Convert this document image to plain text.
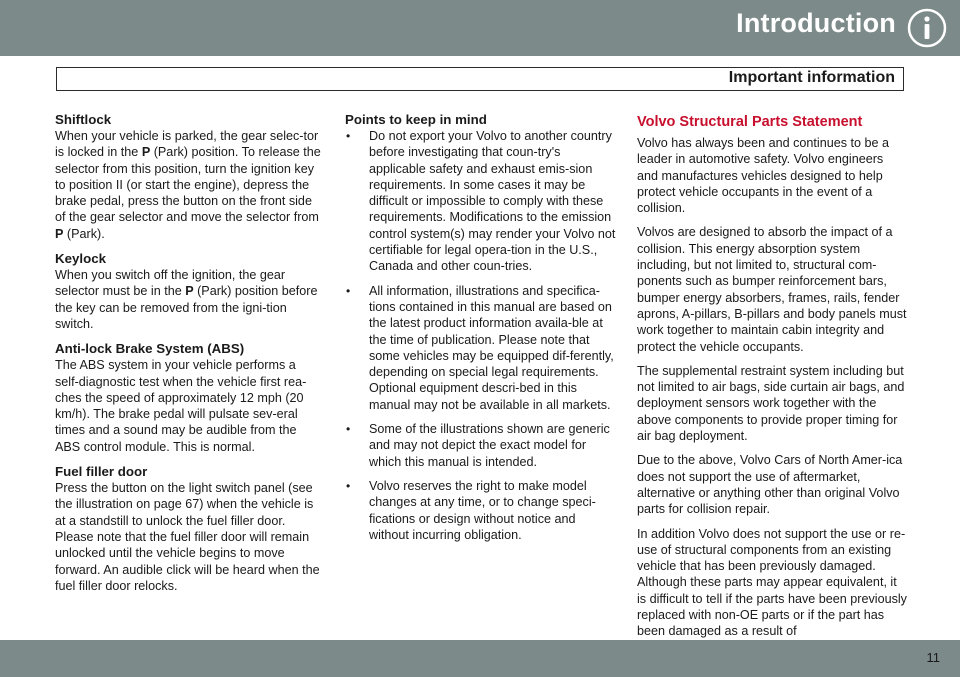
Introduction
Important information
Shiftlock

When your vehicle is parked, the gear selec-tor is locked in the P (Park) position. To release the selector from this position, turn the ignition key to position II (or start the engine), depress the brake pedal, press the button on the front side of the gear selector and move the selector from P (Park).

Keylock

When you switch off the ignition, the gear selector must be in the P (Park) position before the key can be removed from the igni-tion switch.

Anti-lock Brake System (ABS)

The ABS system in your vehicle performs a self-diagnostic test when the vehicle first rea-ches the speed of approximately 12 mph (20 km/h). The brake pedal will pulsate sev-eral times and a sound may be audible from the ABS control module. This is normal.

Fuel filler door

Press the button on the light switch panel (see the illustration on page 67) when the vehicle is at a standstill to unlock the fuel filler door. Please note that the fuel filler door will remain unlocked until the vehicle begins to move forward. An audible click will be heard when the fuel filler door relocks.

Points to keep in mind
• Do not export your Volvo to another country before investigating that coun-try's applicable safety and exhaust emis-sion requirements. In some cases it may be difficult or impossible to comply with these requirements. Modifications to the emission control system(s) may render your Volvo not certifiable for legal opera-tion in the U.S., Canada and other coun-tries.
• All information, illustrations and specifica-tions contained in this manual are based on the latest product information availa-ble at the time of publication. Please note that some vehicles may be equipped dif-ferently, depending on special legal requirements. Optional equipment descri-bed in this manual may not be available in all markets.
• Some of the illustrations shown are generic and may not depict the exact model for which this manual is intended.
• Volvo reserves the right to make model changes at any time, or to change speci-fications or design without notice and without incurring obligation.
Volvo Structural Parts Statement

Volvo has always been and continues to be a leader in automotive safety. Volvo engineers and manufactures vehicles designed to help protect vehicle occupants in the event of a collision.

Volvos are designed to absorb the impact of a collision. This energy absorption system including, but not limited to, structural com-ponents such as bumper reinforcement bars, bumper energy absorbers, frames, rails, fender aprons, A-pillars, B-pillars and body panels must work together to maintain cabin integrity and protect the vehicle occupants.

The supplemental restraint system including but not limited to air bags, side curtain air bags, and deployment sensors work together with the above components to provide proper timing for air bag deployment.

Due to the above, Volvo Cars of North Amer-ica does not support the use of aftermarket, alternative or anything other than original Volvo parts for collision repair.

In addition Volvo does not support the use or re-use of structural components from an existing vehicle that has been previously damaged. Although these parts may appear equivalent, it is difficult to tell if the parts have been previously replaced with non-OE parts or if the part has been damaged as a result of

11
